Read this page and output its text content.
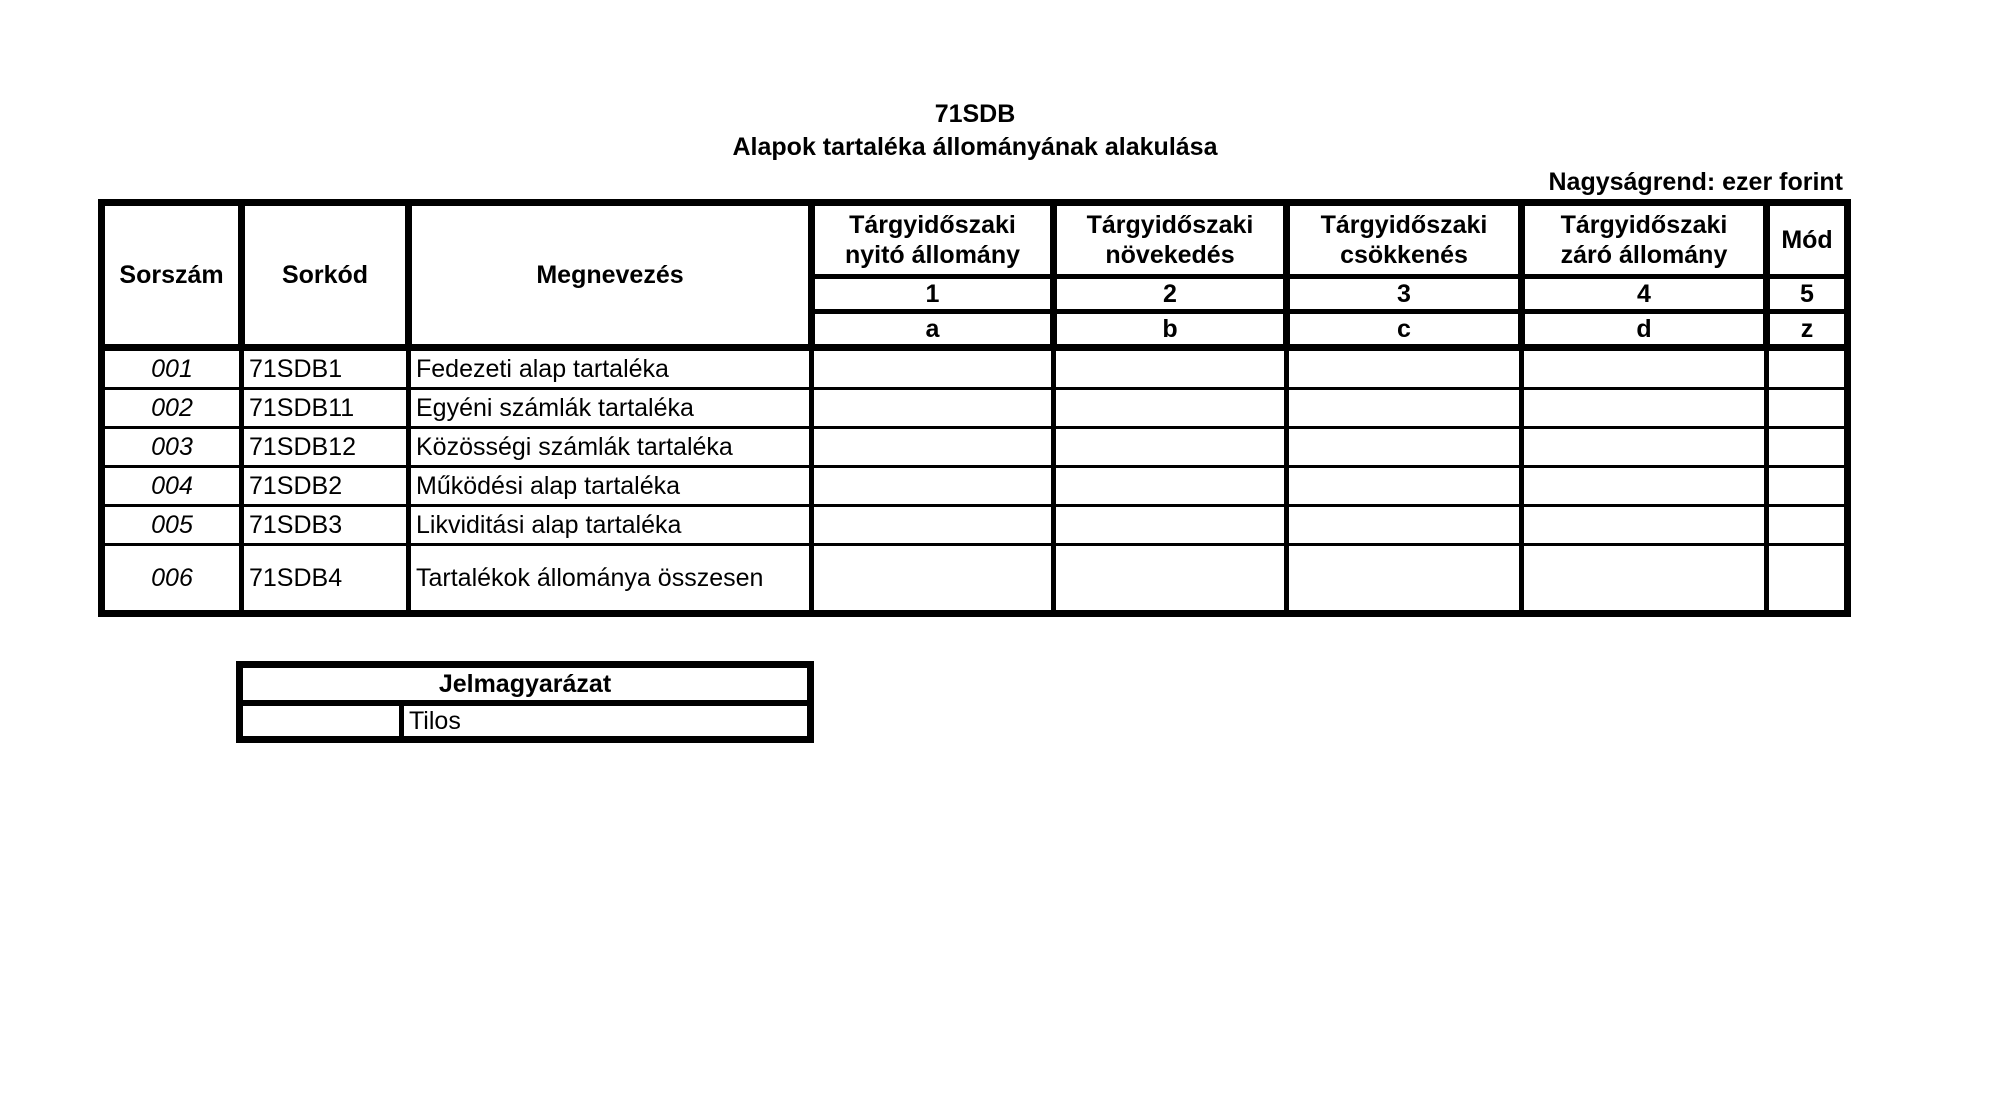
71SDB
Alapok tartaléka állományának alakulása
Nagyságrend: ezer forint
Sorszám	Sorkód	Megnevezés	Tárgyidőszaki nyitó állomány	Tárgyidőszaki növekedés	Tárgyidőszaki csökkenés	Tárgyidőszaki záró állomány	Mód
			1	2	3	4	5
			a	b	c	d	z
001	71SDB1	Fedezeti alap tartaléka					
002	71SDB11	Egyéni számlák tartaléka					
003	71SDB12	Közösségi számlák tartaléka					
004	71SDB2	Működési alap tartaléka					
005	71SDB3	Likviditási alap tartaléka					
006	71SDB4	Tartalékok állománya összesen					
Jelmagyarázat
	Tilos
